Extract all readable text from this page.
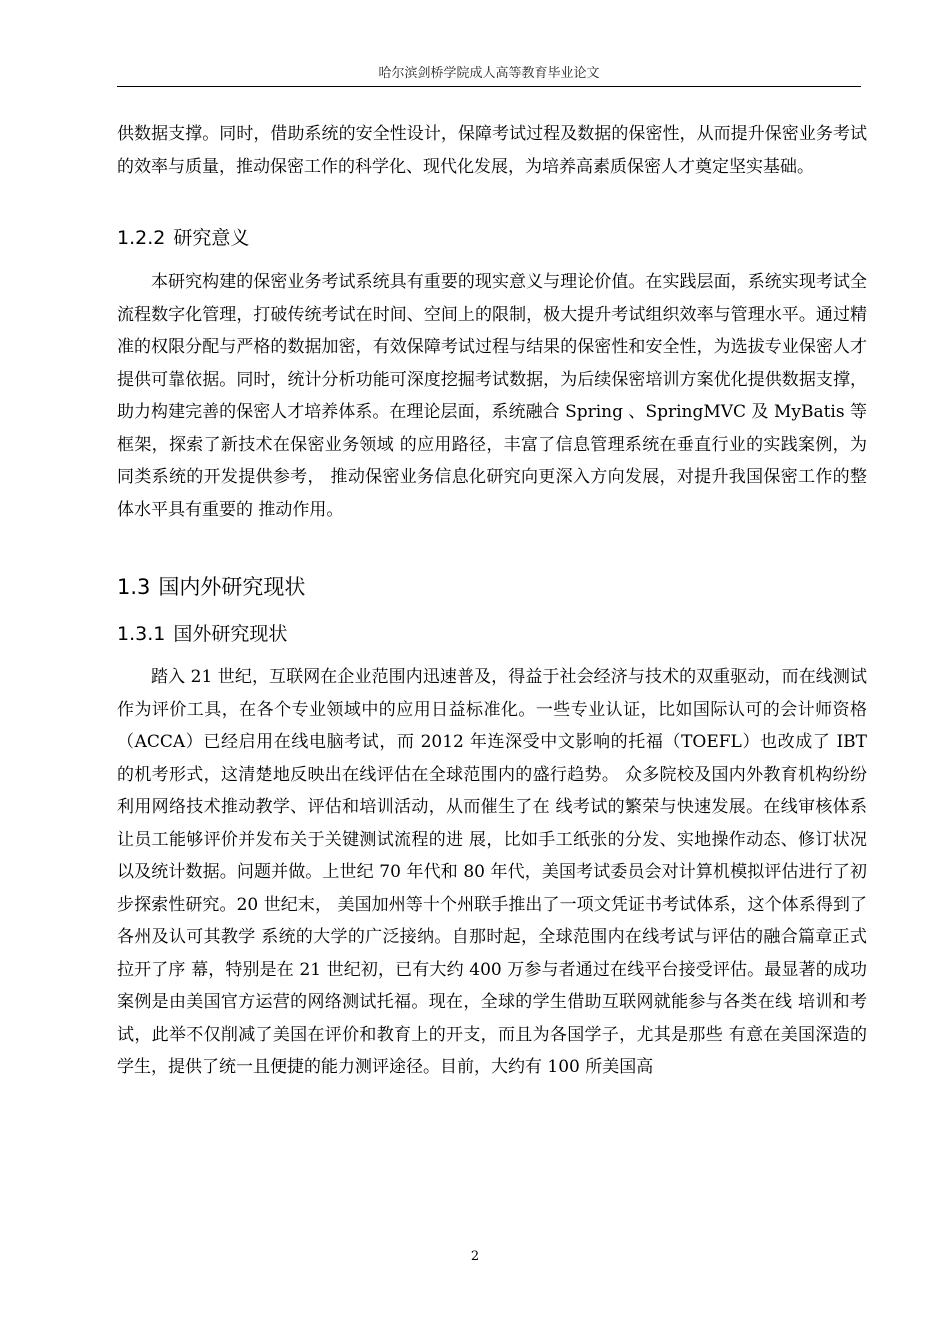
哈尔滨剑桥学院成人高等教育毕业论文

供数据支撑。同时，借助系统的安全性设计，保障考试过程及数据的保密性，从而提升保密业务考试的效率与质量，推动保密工作的科学化、现代化发展，为培养高素质保密人才奠定坚实基础。

1.2.2 研究意义

本研究构建的保密业务考试系统具有重要的现实意义与理论价值。在实践层面，系统实现考试全流程数字化管理，打破传统考试在时间、空间上的限制，极大提升考试组织效率与管理水平。通过精准的权限分配与严格的数据加密，有效保障考试过程与结果的保密性和安全性，为选拔专业保密人才提供可靠依据。同时，统计分析功能可深度挖掘考试数据，为后续保密培训方案优化提供数据支撑，助力构建完善的保密人才培养体系。在理论层面，系统融合 Spring 、SpringMVC 及 MyBatis 等框架，探索了新技术在保密业务领域 的应用路径，丰富了信息管理系统在垂直行业的实践案例，为同类系统的开发提供参考， 推动保密业务信息化研究向更深入方向发展，对提升我国保密工作的整体水平具有重要的 推动作用。

1.3 国内外研究现状
1.3.1 国外研究现状

踏入 21 世纪，互联网在企业范围内迅速普及，得益于社会经济与技术的双重驱动，而在线测试作为评价工具，在各个专业领域中的应用日益标准化。一些专业认证，比如国际认可的会计师资格（ACCA）已经启用在线电脑考试，而 2012 年连深受中文影响的托福（TOEFL）也改成了 IBT 的机考形式，这清楚地反映出在线评估在全球范围内的盛行趋势。 众多院校及国内外教育机构纷纷利用网络技术推动教学、评估和培训活动，从而催生了在 线考试的繁荣与快速发展。在线审核体系让员工能够评价并发布关于关键测试流程的进 展，比如手工纸张的分发、实地操作动态、修订状况以及统计数据。问题并做。上世纪 70 年代和 80 年代，美国考试委员会对计算机模拟评估进行了初步探索性研究。20 世纪末， 美国加州等十个州联手推出了一项文凭证书考试体系，这个体系得到了各州及认可其教学 系统的大学的广泛接纳。自那时起，全球范围内在线考试与评估的融合篇章正式拉开了序 幕，特别是在 21 世纪初，已有大约 400 万参与者通过在线平台接受评估。最显著的成功 案例是由美国官方运营的网络测试托福。现在，全球的学生借助互联网就能参与各类在线 培训和考试，此举不仅削减了美国在评价和教育上的开支，而且为各国学子，尤其是那些 有意在美国深造的学生，提供了统一且便捷的能力测评途径。目前，大约有 100 所美国高

2
